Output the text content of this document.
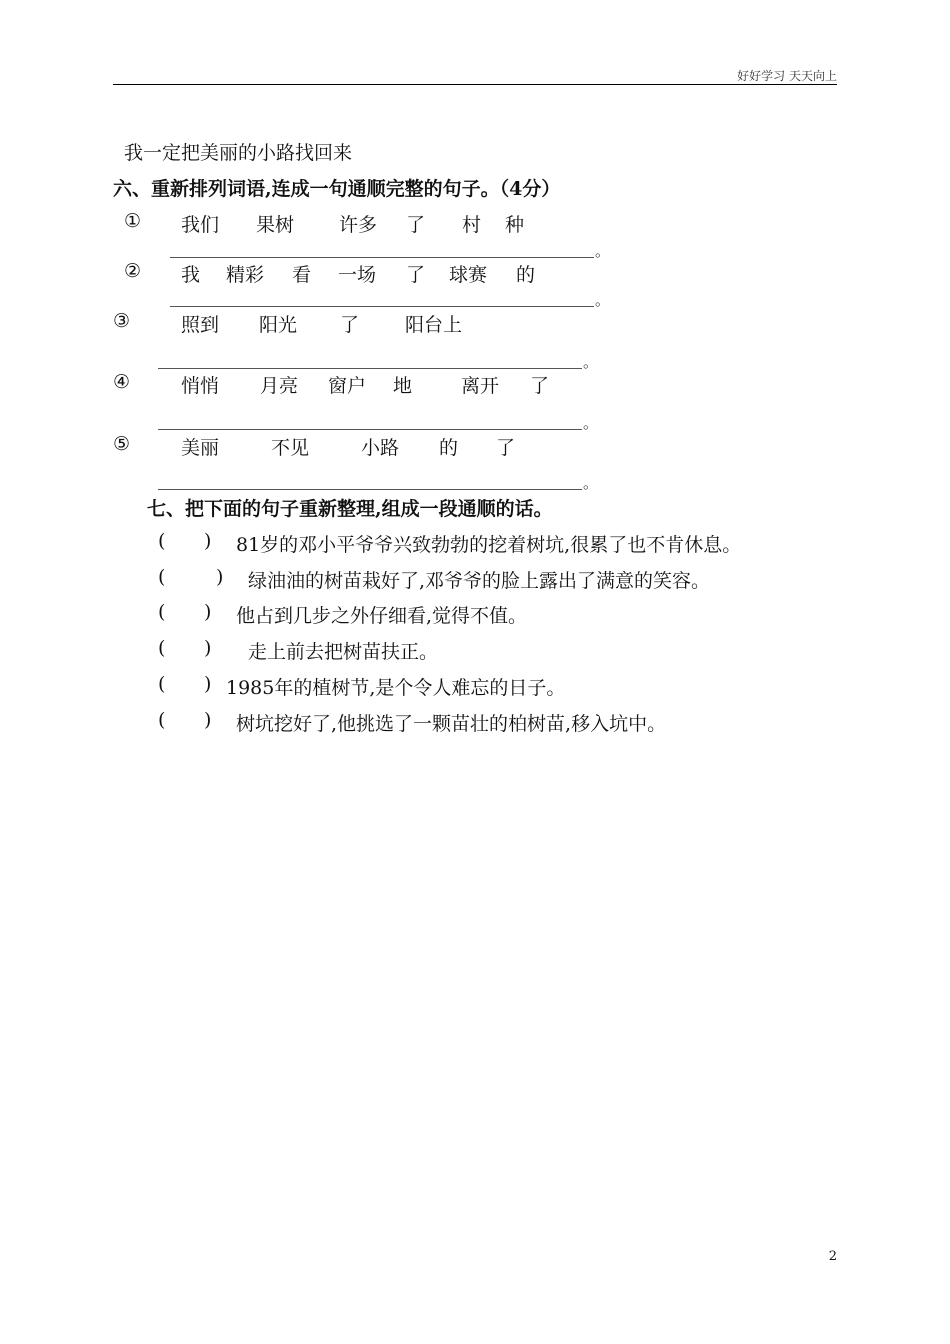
好好学习 天天向上
我一定把美丽的小路找回来
六、重新排列词语,连成一句通顺完整的句子。（4分）
① 我们 果树 许多 了 村 种
。
② 我 精彩 看 一场 了 球赛 的
。
③	照到 阳光 了 阳台上
。
④	悄悄 月亮 窗户 地	离开 了
。
⑤	美丽	不见	小路 的 了
。
七、把下面的句子重新整理,组成一段通顺的话。
( ) 81岁的邓小平爷爷兴致勃勃的挖着树坑,很累了也不肯休息。
(	) 绿油油的树苗栽好了,邓爷爷的脸上露出了满意的笑容。
( ) 他占到几步之外仔细看,觉得不值。
( ) 走上前去把树苗扶正。
( ) 1985年的植树节,是个令人难忘的日子。
( ) 树坑挖好了,他挑选了一颗苗壮的柏树苗,移入坑中。
2
